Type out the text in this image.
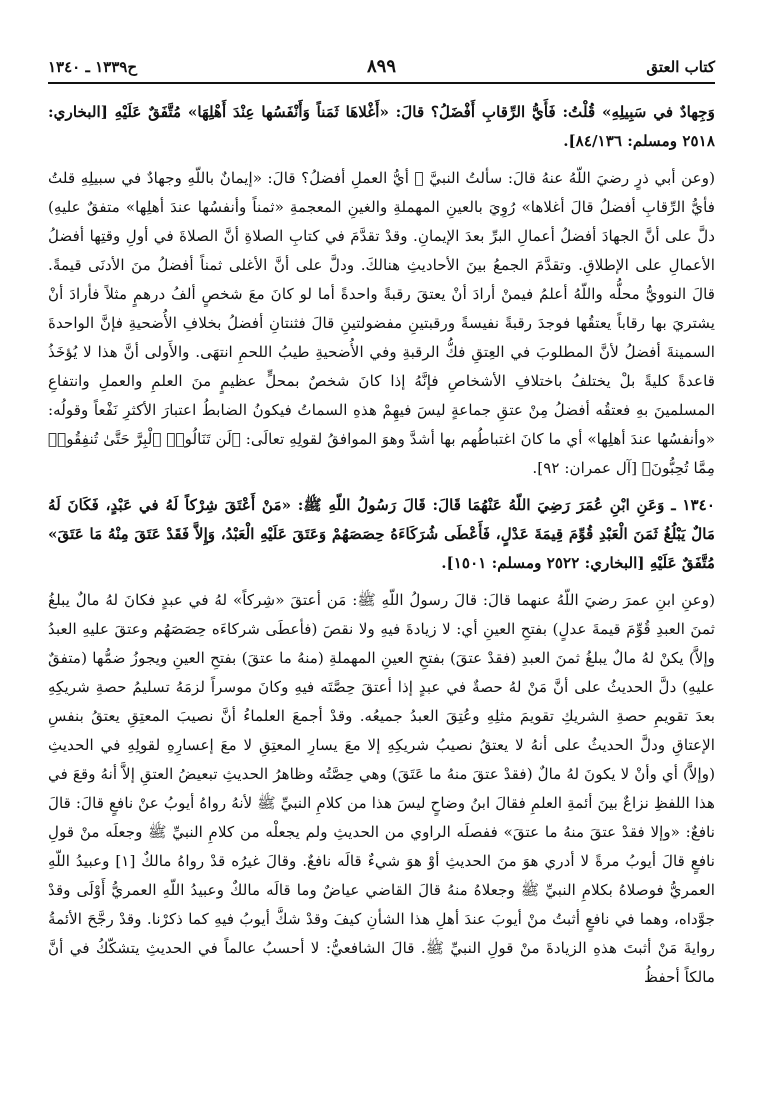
كتاب العتق
٨٩٩
ح١٣٣٩ ـ ١٣٤٠

وَجِهادٌ في سَبِيلِهِ» قُلْتُ: فَأَيُّ الرِّقابِ أَفْضَلُ؟ قالَ: «أَغْلاهَا ثَمَناً وَأَنْفَسُها عِنْدَ أَهْلِهَا» مُتَّفَقٌ عَلَيْهِ [البخاري: ٢٥١٨ ومسلم: ٨٤/١٣٦].

(وعن أبي ذرٍ رضيَ اللّهُ عنهُ قالَ: سألتُ النبيَّ ﷺ أيُّ العملِ أفضلُ؟ قالَ: «إيمانٌ باللّهِ وجهادٌ في سبيلِهِ قلتُ فأيُّ الرِّقابِ أفضلُ قالَ أغلاها» رُوِيَ بالعينِ المهملةِ والغينِ المعجمةِ «ثمناً وأنفسُها عندَ أهلِها» متفقٌ عليهِ) دلَّ على أنَّ الجهادَ أفضلُ أعمالِ البرِّ بعدَ الإيمانِ. وقدْ تقدَّمَ في كتابِ الصلاةِ أنَّ الصلاةَ في أولِ وقتِها أفضلُ الأعمالِ على الإطلاقِ. وتقدَّمَ الجمعُ بينَ الأحاديثِ هنالكَ. ودلَّ على أنَّ الأغلى ثمناً أفضلُ منَ الأدنَى قيمةً. قالَ النوويُّ محلُّه واللّهُ أعلمُ فيمنْ أرادَ أنْ يعتقَ رقبةً واحدةً أما لو كانَ معَ شخصٍ ألفُ درهمٍ مثلاً فأرادَ أنْ يشتريَ بها رقاباً يعتقُها فوجدَ رقبةً نفيسةً ورقبتينِ مفضولتينِ قالَ فثنتانِ أفضلُ بخلافِ الأُضحيةِ فإنَّ الواحدةَ السمينةَ أفضلُ لأنَّ المطلوبَ في العِتقِ فكُّ الرقبةِ وفي الأُضحيةِ طيبُ اللحمِ انتهَى. والأَولى أنَّ هذا لا يُؤخَذُ قاعدةً كليةً بلْ يختلفُ باختلافِ الأشخاصِ فإنَّهُ إذا كانَ شخصٌ بمحلٍّ عظيمٍ منَ العلمِ والعملِ وانتفاعِ المسلمينَ بهِ فعتقُه أفضلُ مِنْ عتقِ جماعةٍ ليسَ فيهِمْ هذهِ السماتُ فيكونُ الضابطُ اعتبارَ الأكثرِ نَفْعاً وقولُه: «وأنفسُها عندَ أهلِها» أي ما كانَ اغتباطُهم بها أشدَّ وهوَ الموافقُ لقولِهِ تعالَى: ﴿لَن تَنَالُوا۟ ٱلْبِرَّ حَتَّىٰ تُنفِقُوا۟ مِمَّا تُحِبُّونَ﴾ [آل عمران: ٩٢].

١٣٤٠ ـ وَعَنِ ابْنِ عُمَرَ رَضِيَ اللّهُ عَنْهُمَا قَالَ: قَالَ رَسُولُ اللّهِ ﷺ: «مَنْ أَعْتَقَ شِرْكاً لَهُ في عَبْدٍ، فَكَانَ لَهُ مَالٌ يَبْلُغُ ثَمَنَ الْعَبْدِ قُوِّمَ قِيمَةَ عَدْلٍ، فَأَعْطَى شُرَكَاءَهُ حِصَصَهُمْ وَعَتَقَ عَلَيْهِ الْعَبْدُ، وَإِلاَّ فَقَدْ عَتَقَ مِنْهُ مَا عَتَقَ» مُتَّفَقٌ عَلَيْهِ [البخاري: ٢٥٢٢ ومسلم: ١٥٠١].

(وعنِ ابنِ عمرَ رضيَ اللّهُ عنهما قالَ: قالَ رسولُ اللّهِ ﷺ: مَن أعتقَ «شِركاً» لهُ في عبدٍ فكانَ لهُ مالٌ يبلغُ ثمنَ العبدِ قُوِّمَ قيمةَ عدلٍ) بفتحِ العينِ أي: لا زيادةَ فيهِ ولا نقصَ (فأعطَى شركاءَه حِصَصَهُم وعتقَ عليهِ العبدُ وإلاَّ) يكنْ لهُ مالٌ يبلغُ ثمنَ العبدِ (فقدْ عتقَ) بفتحِ العينِ المهملةِ (منهُ ما عتقَ) بفتحِ العينِ ويجوزُ ضمُّها (متفقٌ عليهِ) دلَّ الحديثُ على أنَّ مَنْ لهُ حصةٌ في عبدٍ إذا أعتقَ حِصَّتَه فيهِ وكانَ موسراً لزمَهُ تسليمُ حصةِ شريكِهِ بعدَ تقويمِ حصةِ الشريكِ تقويمَ مثلِهِ وعُتِقَ العبدُ جميعُه. وقدْ أجمعَ العلماءُ أنَّ نصيبَ المعتِقِ يعتقُ بنفسِ الإعتاقِ ودلَّ الحديثُ على أنهُ لا يعتقُ نصيبُ شريكِهِ إلا معَ يسارِ المعتِقِ لا معَ إعسارِهِ لقولِهِ في الحديثِ (وإلاَّ) أي وأنْ لا يكونَ لهُ مالٌ (فقدْ عتقَ منهُ ما عَتَقَ) وهي حِصَّتُه وظاهرُ الحديثِ تبعيضُ العتقِ إلاَّ أنهُ وقعَ في هذا اللفظِ نزاعٌ بينَ أئمةِ العلمِ فقالَ ابنُ وضاحٍ ليسَ هذا من كلامِ النبيِّ ﷺ لأنهُ رواهُ أيوبُ عنْ نافعٍ قالَ: قالَ نافعٌ: «وإلا فقدْ عتقَ منهُ ما عتقَ» ففصلَه الراوي من الحديثِ ولم يجعلْه من كلامِ النبيِّ ﷺ وجعلَه منْ قولِ نافعٍ قالَ أيوبُ مرةً لا أدري هوَ منَ الحديثِ أوْ هوَ شيءٌ قالَه نافعٌ. وقالَ غيرُه قدْ رواهُ مالكٌ [١] وعبيدُ اللّهِ العمريُّ فوصلاهُ بكلامِ النبيِّ ﷺ وجعلاهُ منهُ قالَ القاضي عياضٌ وما قالَه مالكٌ وعبيدُ اللّهِ العمريُّ أَوْلَى وقدْ جوَّداه، وهما في نافعٍ أثبتُ منْ أيوبَ عندَ أهلِ هذا الشأنِ كيفَ وقدْ شكَّ أيوبُ فيهِ كما ذكرْنا. وقدْ رجَّحَ الأئمةُ روايةَ مَنْ أثبتَ هذهِ الزيادةَ منْ قولِ النبيِّ ﷺ. قالَ الشافعيُّ: لا أحسبُ عالماً في الحديثِ يتشكّكُ في أنَّ مالكاً أحفظُ
